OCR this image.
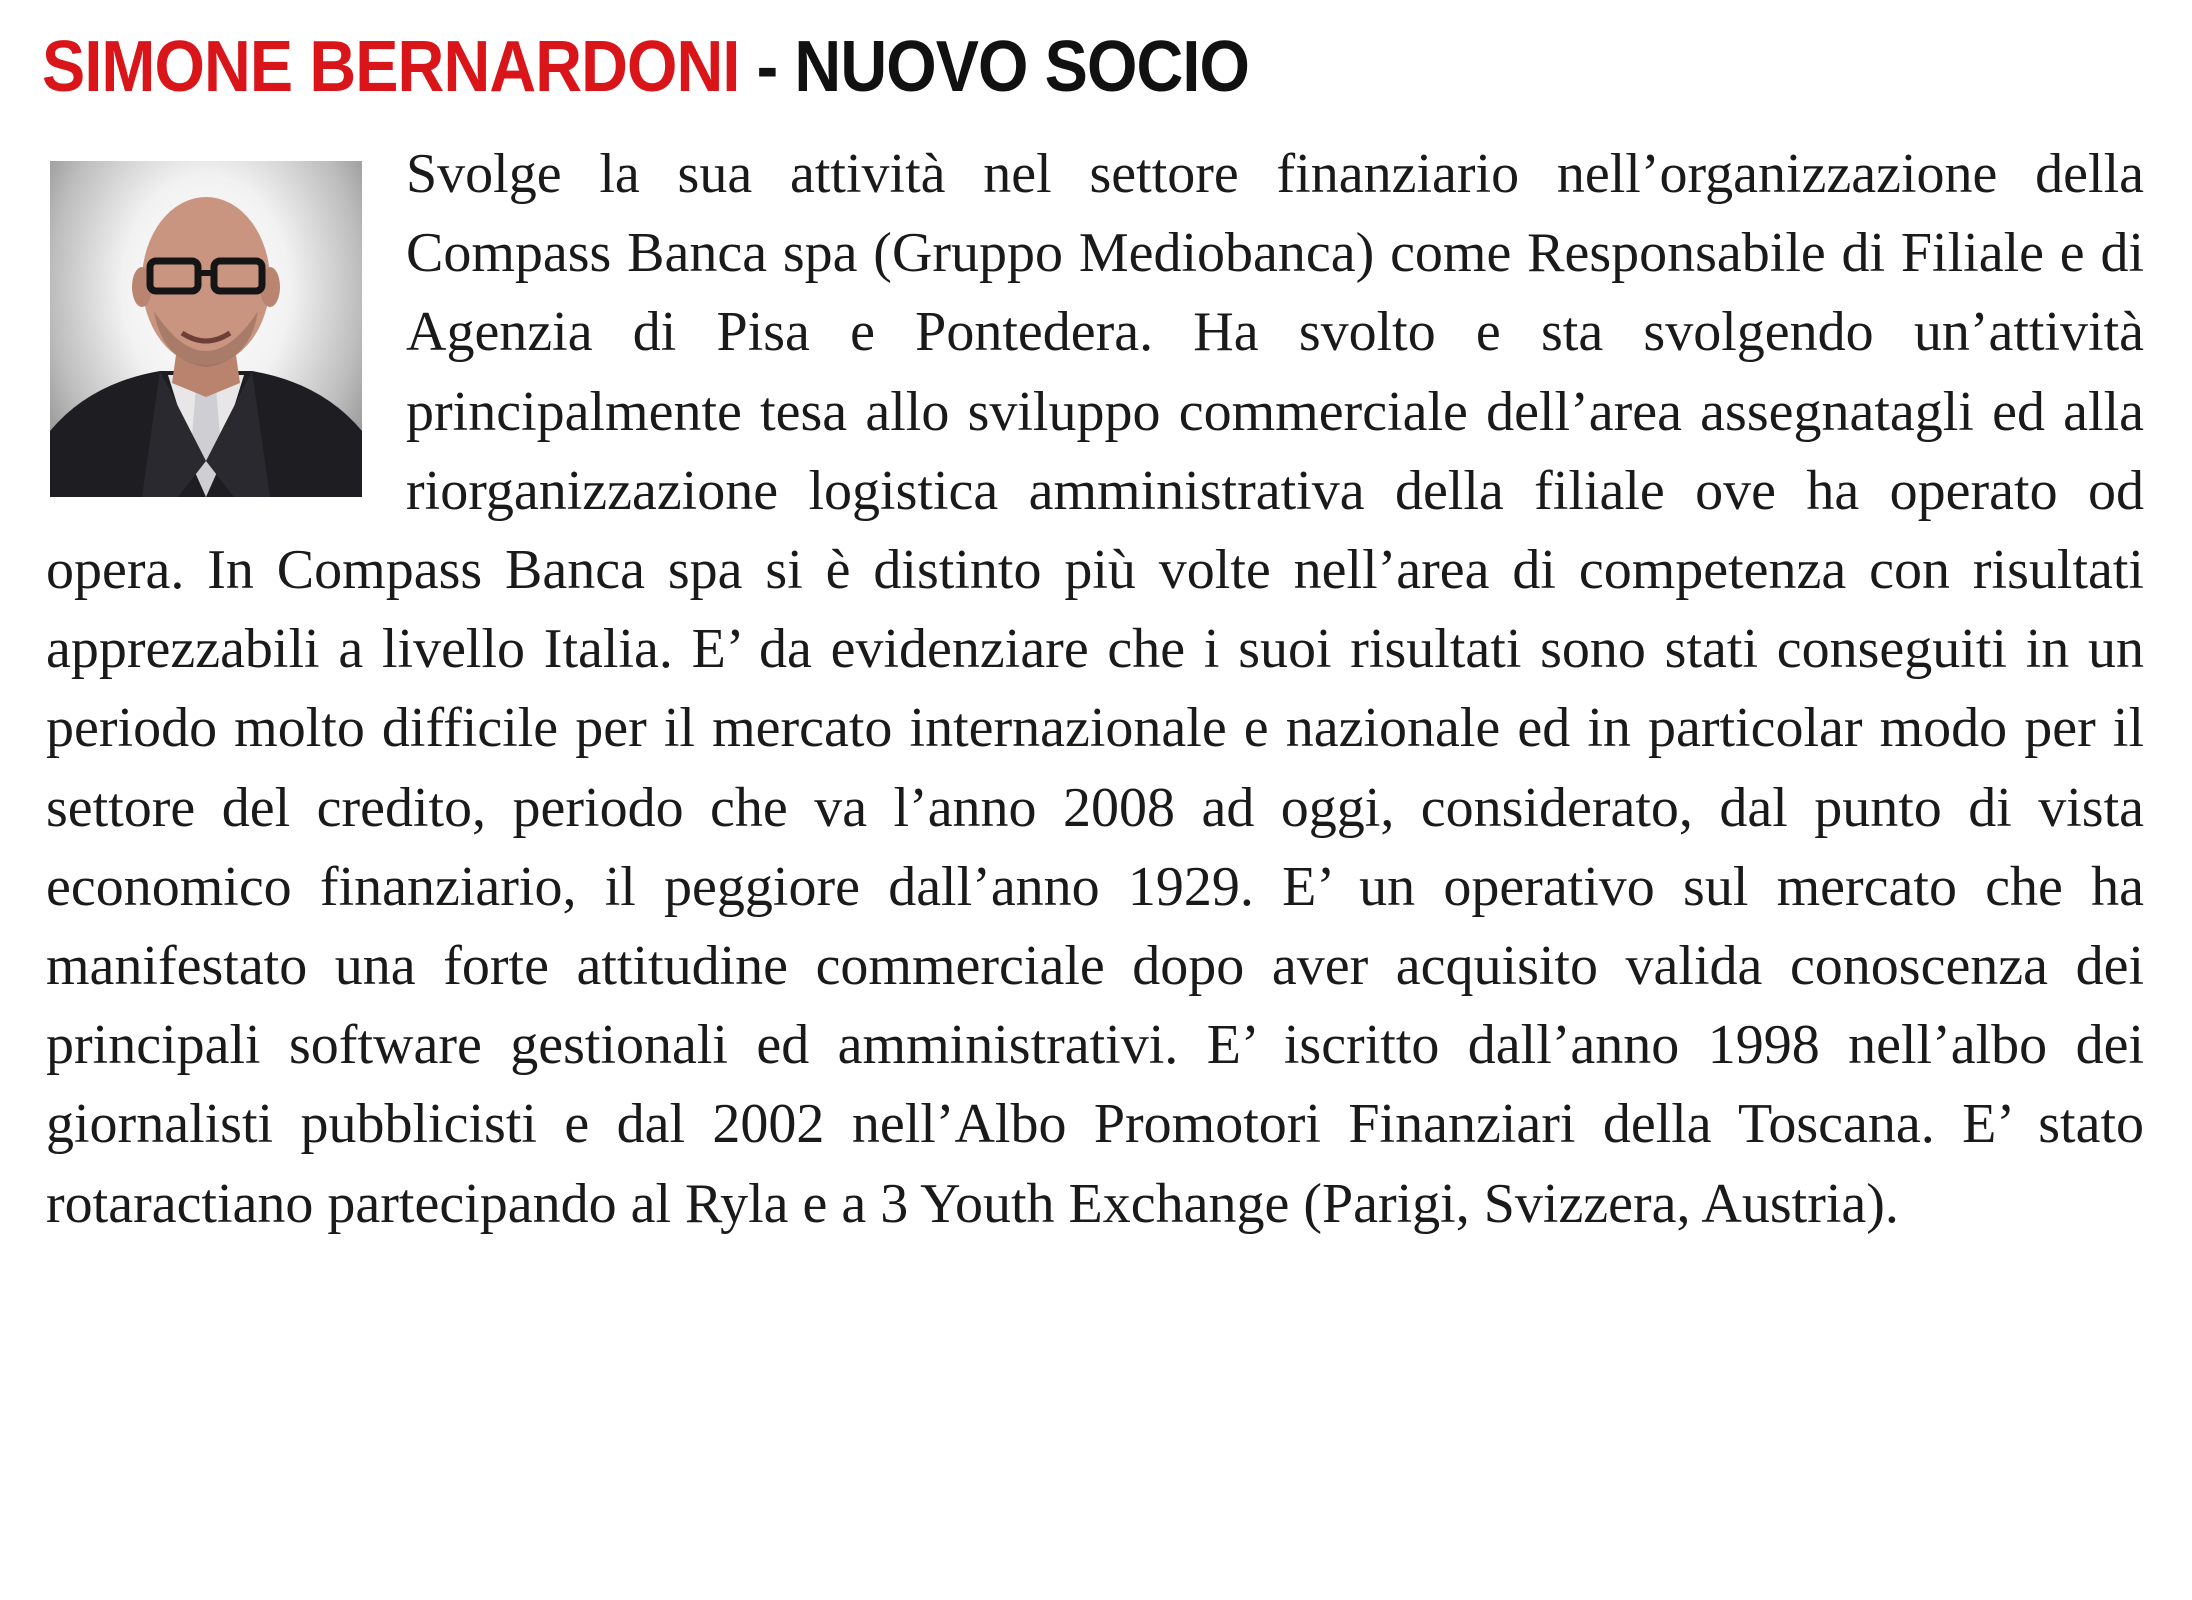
SIMONE BERNARDONI - NUOVO SOCIO

Svolge la sua attività nel settore finanziario nell’organizzazione della Compass Banca spa (Gruppo Mediobanca) come Responsabile di Filiale e di Agenzia di Pisa e Pontedera. Ha svolto e sta svolgendo un’attività principalmente tesa allo sviluppo commerciale dell’area assegnatagli ed alla riorganizzazione logistica amministrativa della filiale ove ha operato od opera. In Compass Banca spa si è distinto più volte nell’area di competenza con risultati apprezzabili a livello Italia. E’ da evidenziare che i suoi risultati sono stati conseguiti in un periodo molto difficile per il mercato internazionale e nazionale ed in particolar modo per il settore del credito, periodo che va l’anno 2008 ad oggi, considerato, dal punto di vista economico finanziario, il peggiore dall’anno 1929. E’ un operativo sul mercato che ha manifestato una forte attitudine commerciale dopo aver acquisito valida conoscenza dei principali software gestionali ed amministrativi. E’ iscritto dall’anno 1998 nell’albo dei giornalisti pubblicisti e dal 2002 nell’Albo Promotori Finanziari della Toscana. E’ stato rotaractiano partecipando al Ryla e a 3 Youth Exchange (Parigi, Svizzera, Austria).
